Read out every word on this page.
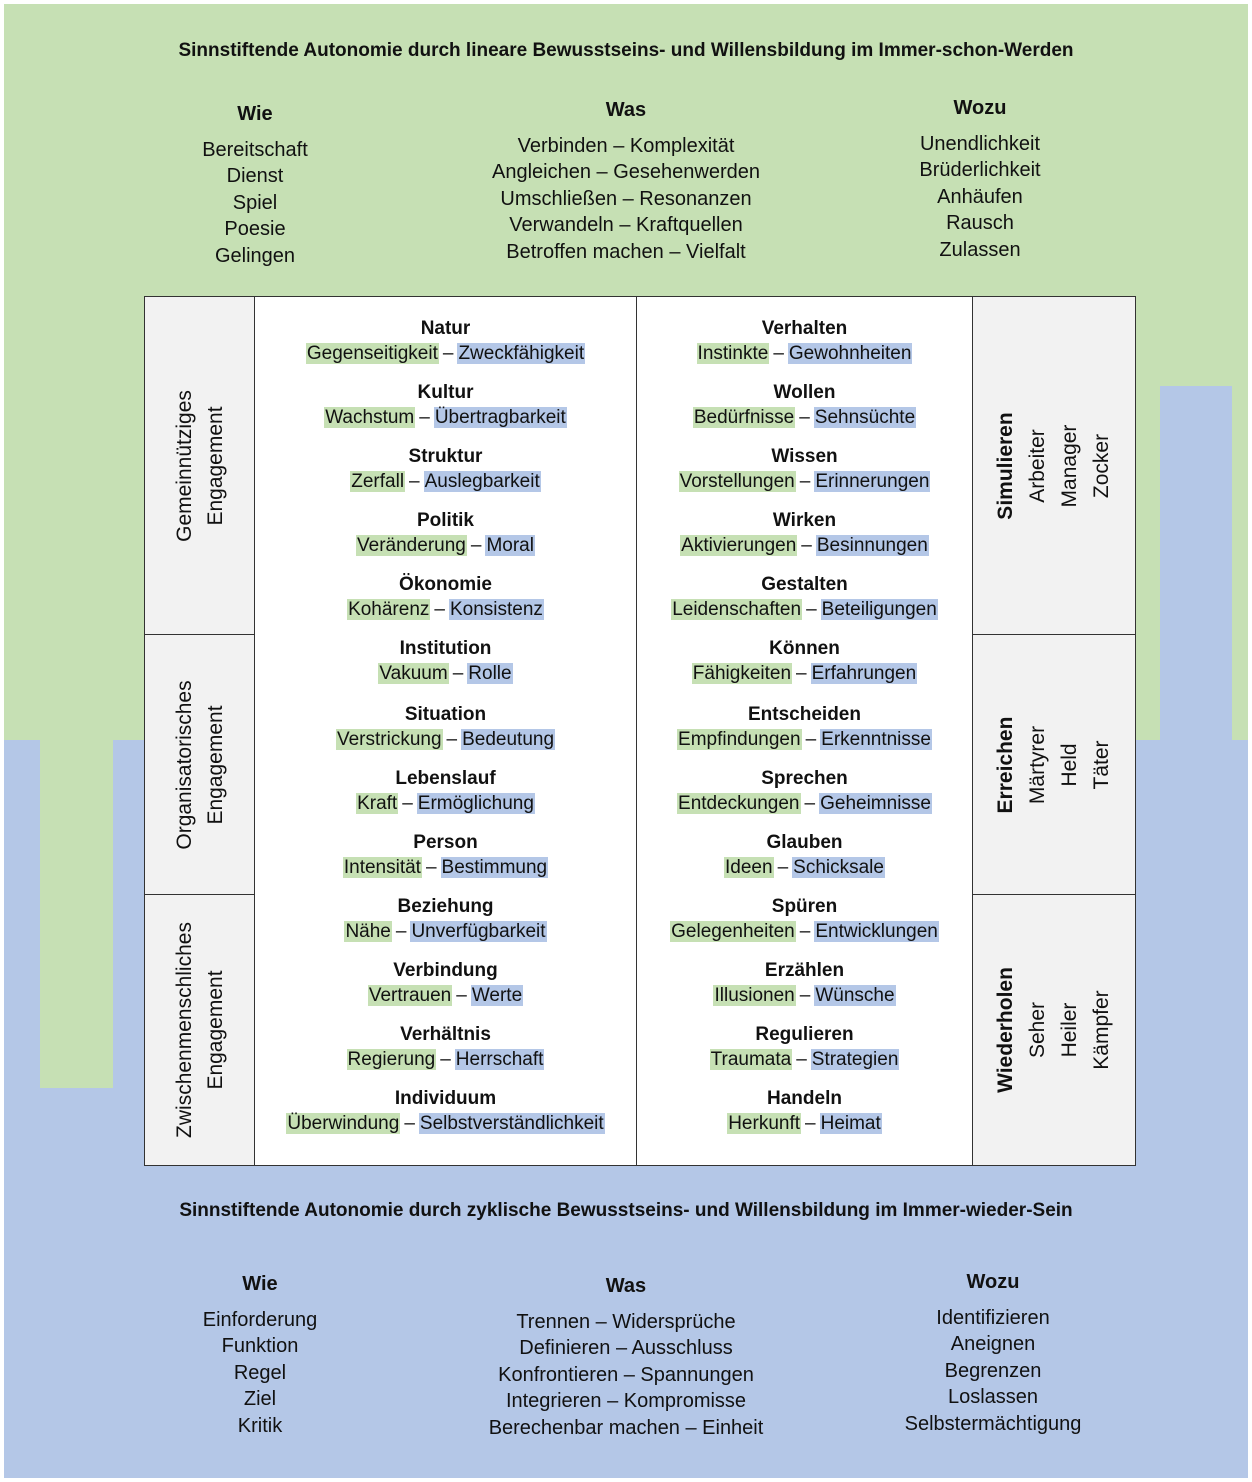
Sinnstiftende Autonomie durch lineare Bewusstseins- und Willensbildung im Immer-schon-Werden
Wie
Bereitschaft
Dienst
Spiel
Poesie
Gelingen
Was
Verbinden – Komplexität
Angleichen – Gesehenwerden
Umschließen – Resonanzen
Verwandeln – Kraftquellen
Betroffen machen – Vielfalt
Wozu
Unendlichkeit
Brüderlichkeit
Anhäufen
Rausch
Zulassen
Gemeinnütziges Engagement
Organisatorisches Engagement
Zwischenmenschliches Engagement
Natur
Gegenseitigkeit – Zweckfähigkeit
Kultur
Wachstum – Übertragbarkeit
Struktur
Zerfall – Auslegbarkeit
Politik
Veränderung – Moral
Ökonomie
Kohärenz – Konsistenz
Institution
Vakuum – Rolle
Situation
Verstrickung – Bedeutung
Lebenslauf
Kraft – Ermöglichung
Person
Intensität – Bestimmung
Beziehung
Nähe – Unverfügbarkeit
Verbindung
Vertrauen – Werte
Verhältnis
Regierung – Herrschaft
Individuum
Überwindung – Selbstverständlichkeit
Verhalten
Instinkte – Gewohnheiten
Wollen
Bedürfnisse – Sehnsüchte
Wissen
Vorstellungen – Erinnerungen
Wirken
Aktivierungen – Besinnungen
Gestalten
Leidenschaften – Beteiligungen
Können
Fähigkeiten – Erfahrungen
Entscheiden
Empfindungen – Erkenntnisse
Sprechen
Entdeckungen – Geheimnisse
Glauben
Ideen – Schicksale
Spüren
Gelegenheiten – Entwicklungen
Erzählen
Illusionen – Wünsche
Regulieren
Traumata – Strategien
Handeln
Herkunft – Heimat
Simulieren Arbeiter Manager Zocker
Erreichen Märtyrer Held Täter
Wiederholen Seher Heiler Kämpfer
Sinnstiftende Autonomie durch zyklische Bewusstseins- und Willensbildung im Immer-wieder-Sein
Wie
Einforderung
Funktion
Regel
Ziel
Kritik
Was
Trennen – Widersprüche
Definieren – Ausschluss
Konfrontieren – Spannungen
Integrieren – Kompromisse
Berechenbar machen – Einheit
Wozu
Identifizieren
Aneignen
Begrenzen
Loslassen
Selbstermächtigung
